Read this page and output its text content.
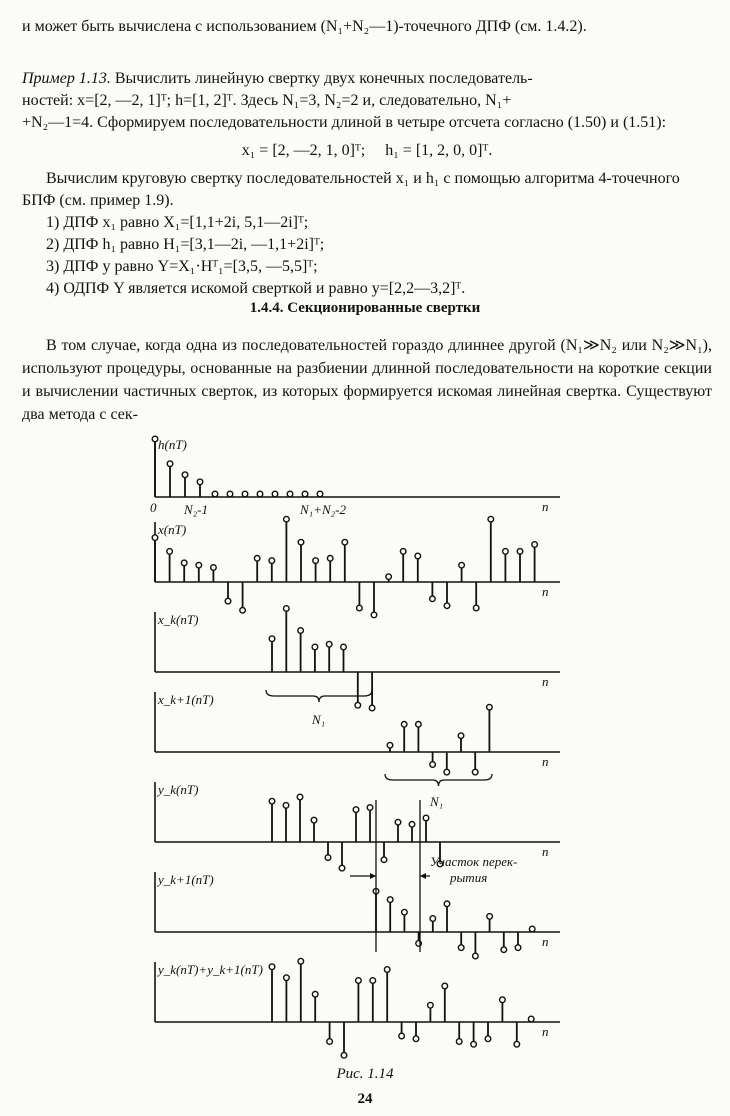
и может быть вычислена с использованием (N₁+N₂—1)-точечного ДПФ (см. 1.4.2).
Пример 1.13. Вычислить линейную свертку двух конечных последователь-
ностей: x=[2, —2, 1]ᵀ; h=[1, 2]ᵀ. Здесь N₁=3, N₂=2 и, следовательно, N₁+
+N₂—1=4. Сформируем последовательности длиной в четыре отсчета согласно (1.50) и (1.51):
x₁ = [2, —2, 1, 0]ᵀ; h₁ = [1, 2, 0, 0]ᵀ.
Вычислим круговую свертку последовательностей x₁ и h₁ с помощью алгоритма 4-точечного БПФ (см. пример 1.9).
1) ДПФ x₁ равно X₁=[1,1+2i, 5,1—2i]ᵀ;
2) ДПФ h₁ равно H₁=[3,1—2i, —1,1+2i]ᵀ;
3) ДПФ y равно Y=X₁·Hᵀ₁=[3,5, —5,5]ᵀ;
4) ОДПФ Y является искомой сверткой и равно y=[2,2—3,2]ᵀ.
1.4.4. Секционированные свертки
В том случае, когда одна из последовательностей гораздо длиннее другой (N₁≫N₂ или N₂≫N₁), используют процедуры, основанные на разбиении длинной последовательности на короткие секции и вычислении частичных сверток, из которых формируется искомая линейная свертка. Существуют два метода с сек-
h(nT)
n
x(nT)
n
x_k(nT)
n
x_k+1(nT)
n
y_k(nT)
n
y_k+1(nT)
n
y_k(nT)+y_k+1(nT)
n
0 N₂-1	N₁+N₂-2
N₁
N₁
Участок перек-
рытия
Рис. 1.14
24
